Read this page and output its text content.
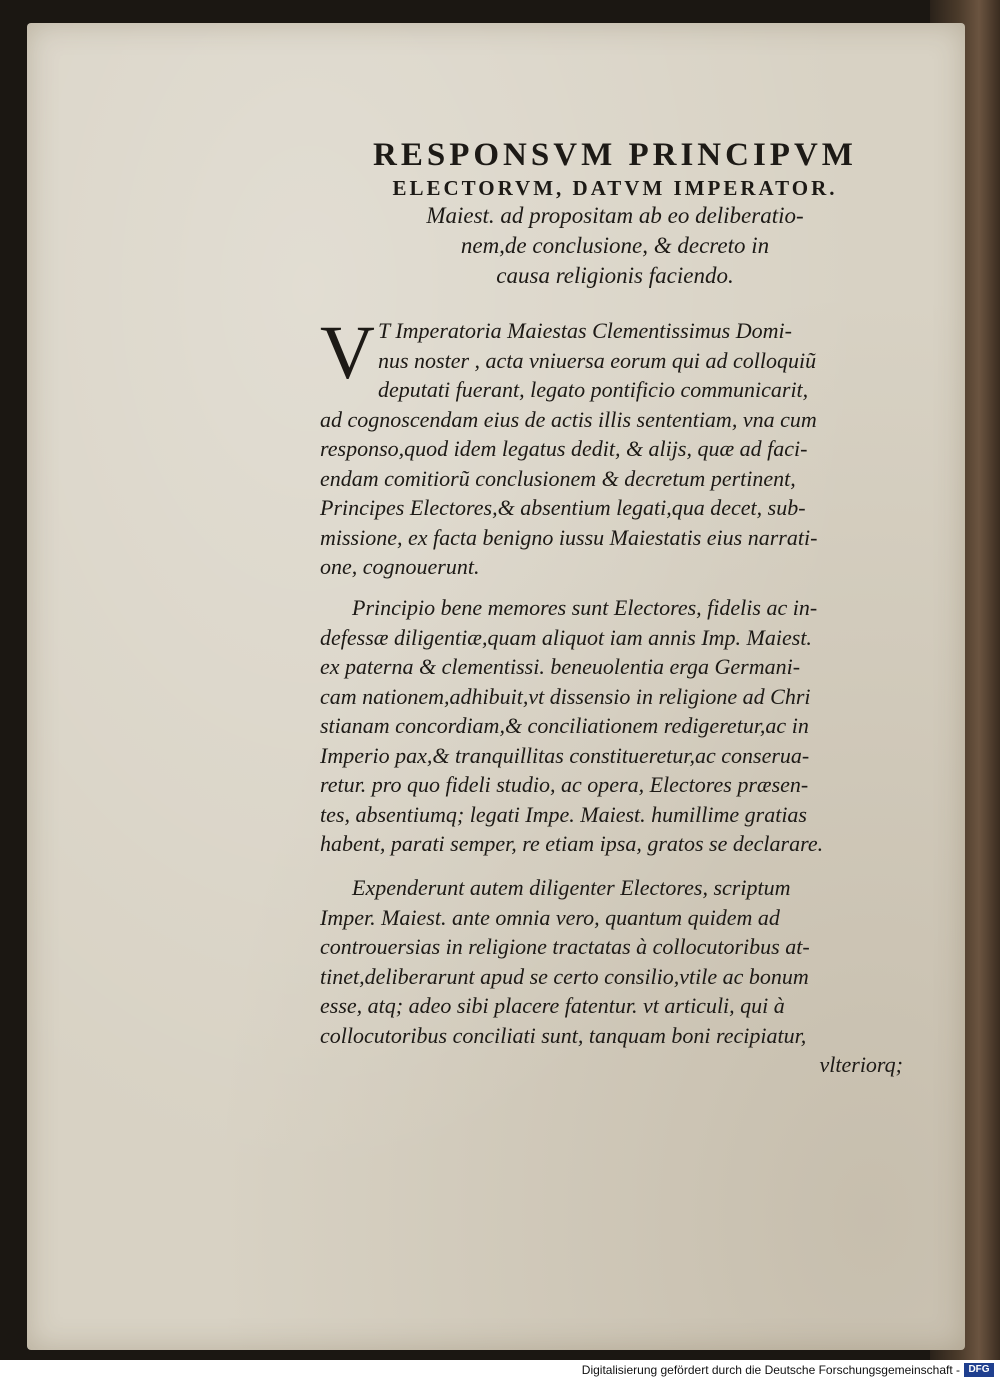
RESPONSVM PRINCIPVM
ELECTORVM, DATVM IMPERATOR.
Maiest. ad propositam ab eo deliberatio-
nem,de conclusione, & decreto in
causa religionis faciendo.
V T Imperatoria Maiestas Clementissimus Domi-
nus noster , acta vniuersa eorum qui ad colloquiũ
deputati fuerant, legato pontificio communicarit,
ad cognoscendam eius de actis illis sententiam, vna cum
responso,quod idem legatus dedit, & alijs, quæ ad faci-
endam comitiorũ conclusionem & decretum pertinent,
Principes Electores,& absentium legati,qua decet, sub-
missione, ex facta benigno iussu Maiestatis eius narrati-
one, cognouerunt.
Principio bene memores sunt Electores, fidelis ac in-
defessæ diligentiæ,quam aliquot iam annis Imp. Maiest.
ex paterna & clementissi. beneuolentia erga Germani-
cam nationem,adhibuit,vt dissensio in religione ad Chri
stianam concordiam,& conciliationem redigeretur,ac in
Imperio pax,& tranquillitas constitueretur,ac conserua-
retur. pro quo fideli studio, ac opera, Electores præsen-
tes, absentiumq; legati Impe. Maiest. humillime gratias
habent, parati semper, re etiam ipsa, gratos se declarare.
Expenderunt autem diligenter Electores, scriptum
Imper. Maiest. ante omnia vero, quantum quidem ad
controuersias in religione tractatas à collocutoribus at-
tinet,deliberarunt apud se certo consilio,vtile ac bonum
esse, atq; adeo sibi placere fatentur. vt articuli, qui à
collocutoribus conciliati sunt, tanquam boni recipiatur,
vlteriorq;
Digitalisierung gefördert durch die Deutsche Forschungsgemeinschaft - DFG
